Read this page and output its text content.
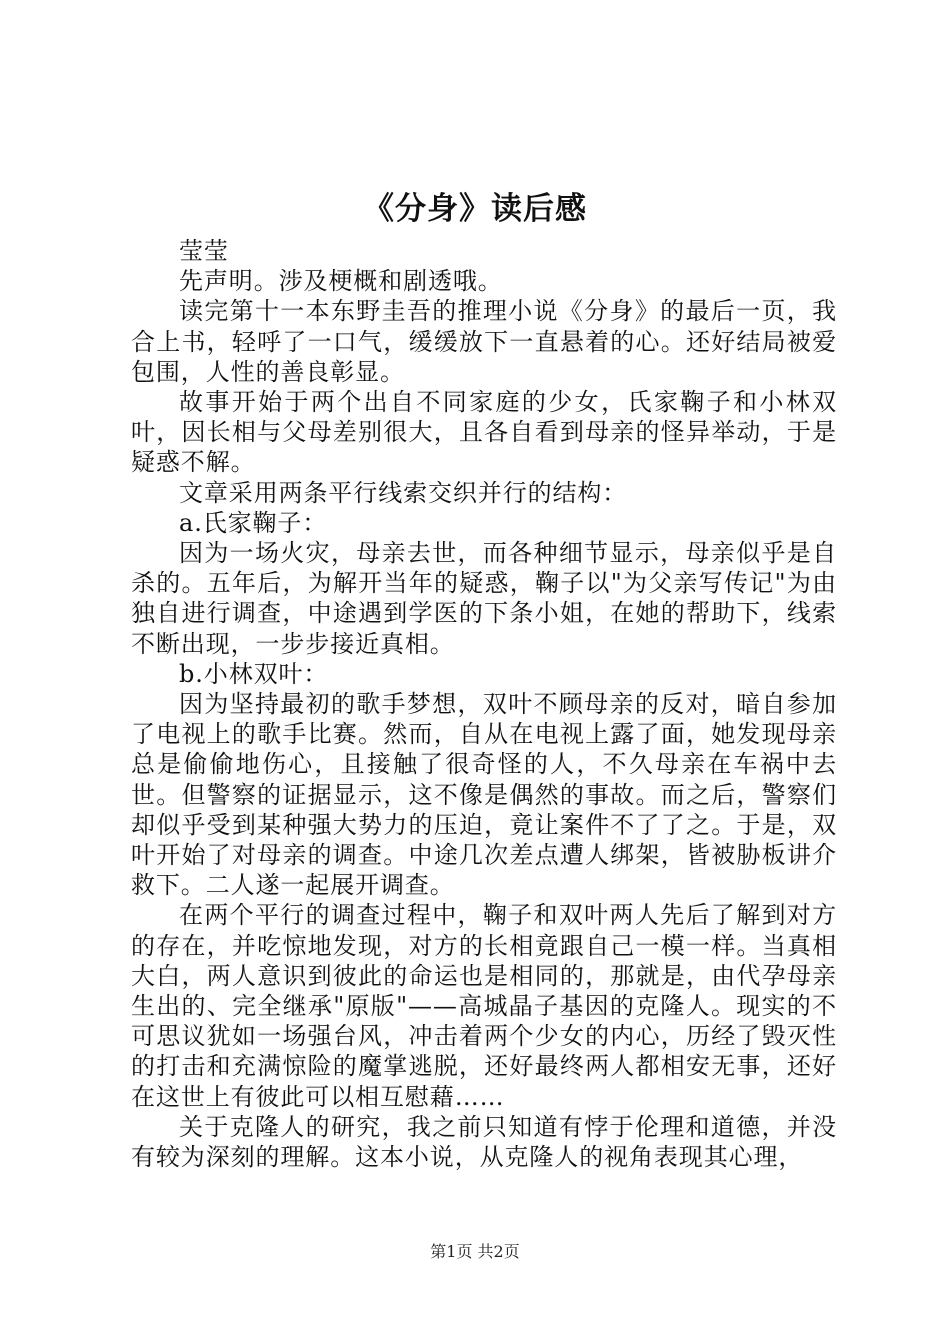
《分身》读后感

莹莹

先声明。涉及梗概和剧透哦。

读完第十一本东野圭吾的推理小说《分身》的最后一页，我合上书，轻呼了一口气，缓缓放下一直悬着的心。还好结局被爱包围，人性的善良彰显。

故事开始于两个出自不同家庭的少女，氏家鞠子和小林双叶，因长相与父母差别很大，且各自看到母亲的怪异举动，于是疑惑不解。

文章采用两条平行线索交织并行的结构：

a.氏家鞠子：

因为一场火灾，母亲去世，而各种细节显示，母亲似乎是自杀的。五年后，为解开当年的疑惑，鞠子以"为父亲写传记"为由独自进行调查，中途遇到学医的下条小姐，在她的帮助下，线索不断出现，一步步接近真相。

b.小林双叶：

因为坚持最初的歌手梦想，双叶不顾母亲的反对，暗自参加了电视上的歌手比赛。然而，自从在电视上露了面，她发现母亲总是偷偷地伤心，且接触了很奇怪的人，不久母亲在车祸中去世。但警察的证据显示，这不像是偶然的事故。而之后，警察们却似乎受到某种强大势力的压迫，竟让案件不了了之。于是，双叶开始了对母亲的调查。中途几次差点遭人绑架，皆被胁板讲介救下。二人遂一起展开调查。

在两个平行的调查过程中，鞠子和双叶两人先后了解到对方的存在，并吃惊地发现，对方的长相竟跟自己一模一样。当真相大白，两人意识到彼此的命运也是相同的，那就是，由代孕母亲生出的、完全继承"原版"——高城晶子基因的克隆人。现实的不可思议犹如一场强台风，冲击着两个少女的内心，历经了毁灭性的打击和充满惊险的魔掌逃脱，还好最终两人都相安无事，还好在这世上有彼此可以相互慰藉……

关于克隆人的研究，我之前只知道有悖于伦理和道德，并没有较为深刻的理解。这本小说，从克隆人的视角表现其心理，

第1页 共2页
